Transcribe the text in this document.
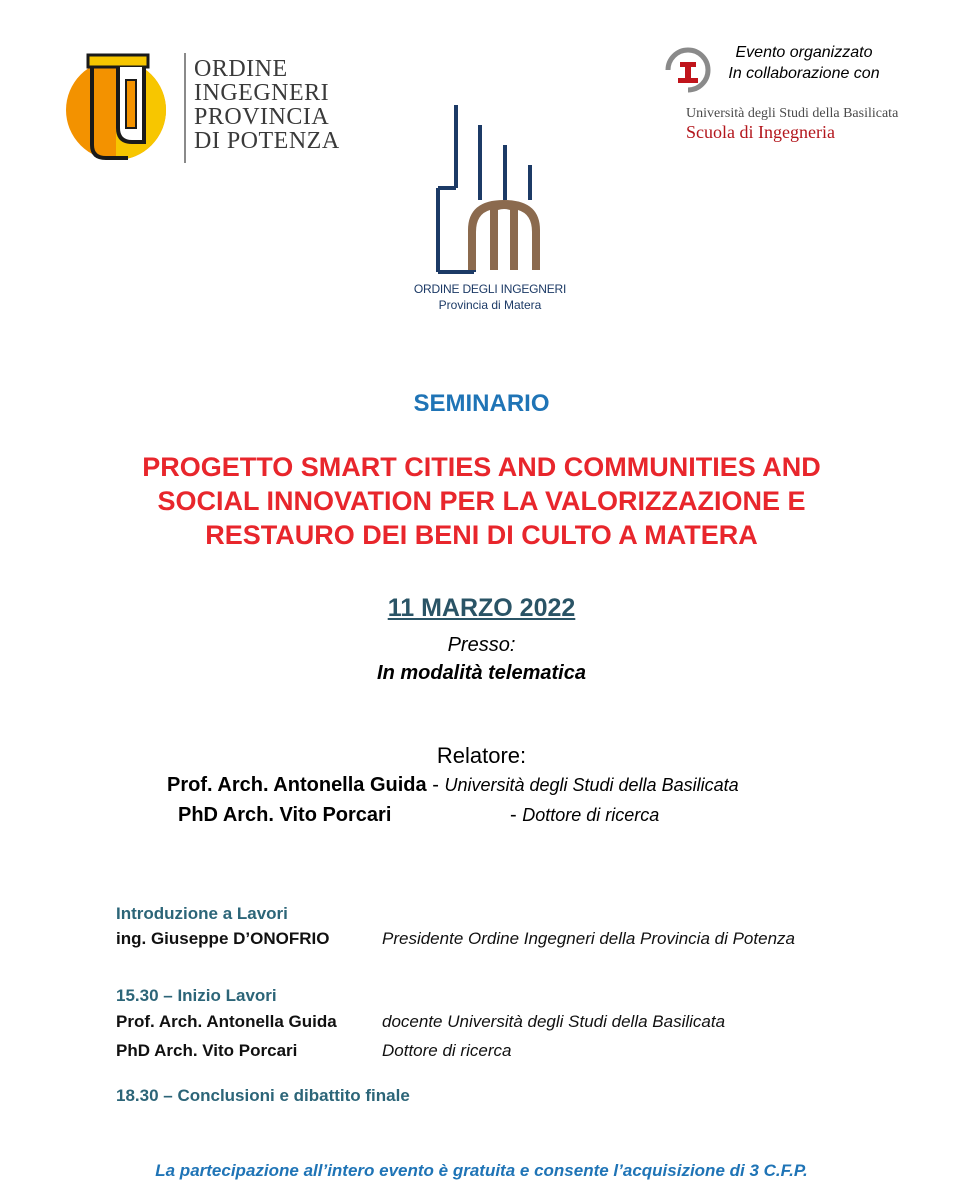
ORDINE
INGEGNERI
PROVINCIA
DI POTENZA
Evento organizzato
In collaborazione con
Università degli Studi della Basilicata
Scuola di Ingegneria
ORDINE DEGLI INGEGNERI
Provincia di Matera
SEMINARIO
PROGETTO SMART CITIES AND COMMUNITIES AND
SOCIAL INNOVATION PER LA VALORIZZAZIONE E
RESTAURO DEI BENI DI CULTO A MATERA
11 MARZO 2022
Presso:
In modalità telematica
Relatore:
Prof. Arch. Antonella Guida - Università degli Studi della Basilicata
PhD Arch. Vito Porcari	- Dottore di ricerca
Introduzione a Lavori
ing. Giuseppe D’ONOFRIO	Presidente Ordine Ingegneri della Provincia di Potenza
15.30 – Inizio Lavori
Prof. Arch. Antonella Guida	docente Università degli Studi della Basilicata
PhD Arch. Vito Porcari	Dottore di ricerca
18.30 – Conclusioni e dibattito finale
La partecipazione all’intero evento è gratuita e consente l’acquisizione di 3 C.F.P.
